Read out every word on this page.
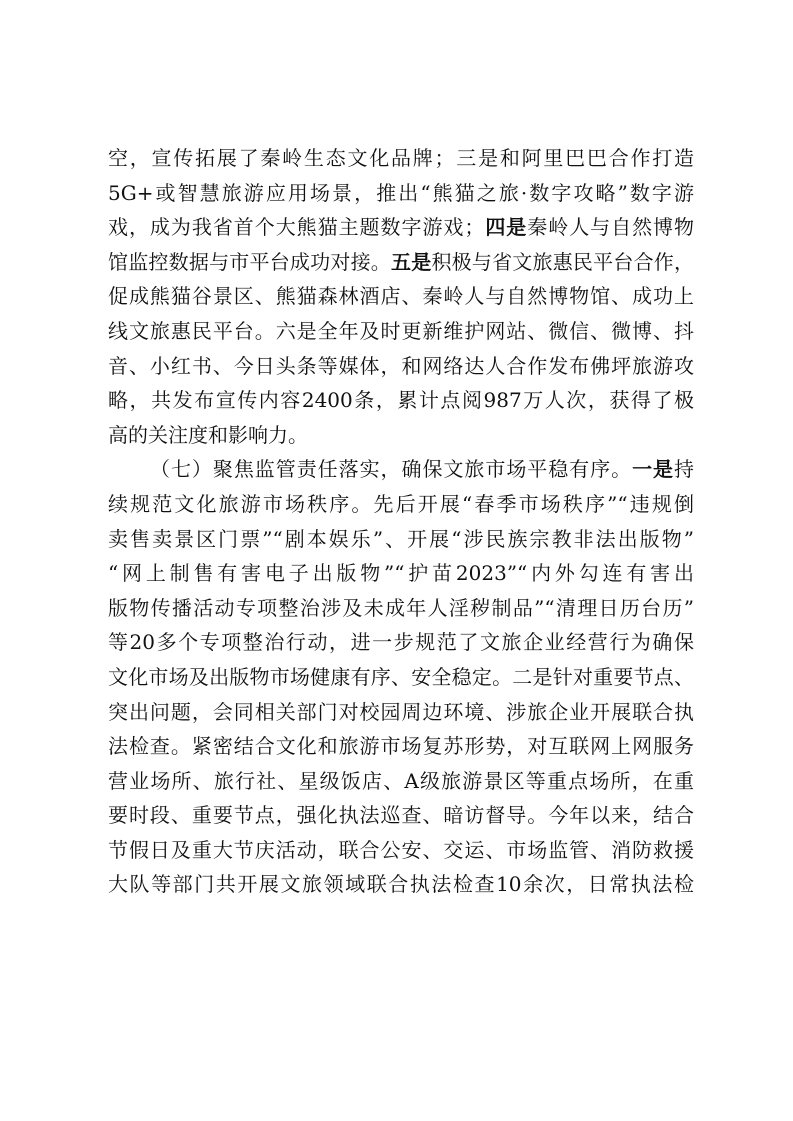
空，宣传拓展了秦岭生态文化品牌；三是和阿里巴巴合作打造
5G+或智慧旅游应用场景，推出“熊猫之旅·数字攻略”数字游
戏，成为我省首个大熊猫主题数字游戏；四是秦岭人与自然博物
馆监控数据与市平台成功对接。五是积极与省文旅惠民平台合作，
促成熊猫谷景区、熊猫森林酒店、秦岭人与自然博物馆、成功上
线文旅惠民平台。六是全年及时更新维护网站、微信、微博、抖
音、小红书、今日头条等媒体，和网络达人合作发布佛坪旅游攻
略，共发布宣传内容2400条，累计点阅987万人次，获得了极
高的关注度和影响力。
（七）聚焦监管责任落实，确保文旅市场平稳有序。一是持
续规范文化旅游市场秩序。先后开展“春季市场秩序”“违规倒
卖售卖景区门票”“剧本娱乐”、开展“涉民族宗教非法出版物”
“网上制售有害电子出版物”“护苗2023”“内外勾连有害出
版物传播活动专项整治涉及未成年人淫秽制品”“清理日历台历”
等20多个专项整治行动，进一步规范了文旅企业经营行为确保
文化市场及出版物市场健康有序、安全稳定。二是针对重要节点、
突出问题，会同相关部门对校园周边环境、涉旅企业开展联合执
法检查。紧密结合文化和旅游市场复苏形势，对互联网上网服务
营业场所、旅行社、星级饭店、A级旅游景区等重点场所，在重
要时段、重要节点，强化执法巡查、暗访督导。今年以来，结合
节假日及重大节庆活动，联合公安、交运、市场监管、消防救援
大队等部门共开展文旅领域联合执法检查10余次，日常执法检
